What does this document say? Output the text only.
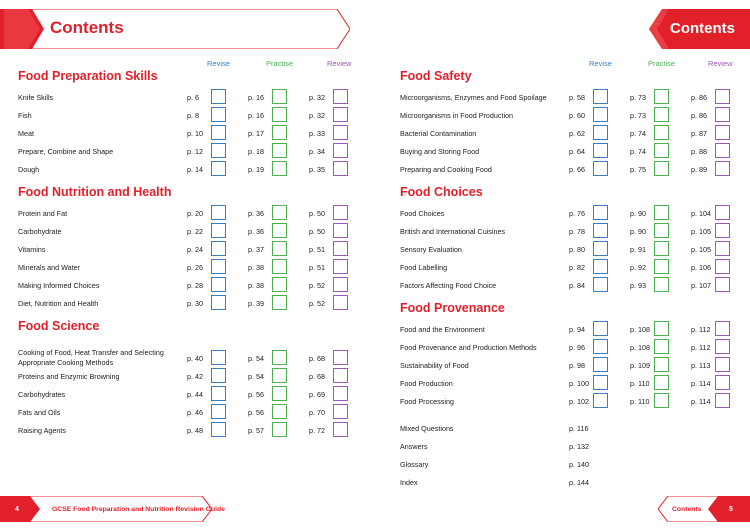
Contents
Revise	Practise	Review
Food Preparation Skills
Knife Skills	p. 6	p. 16	p. 32
Fish	p. 8	p. 16	p. 32
Meat	p. 10	p. 17	p. 33
Prepare, Combine and Shape	p. 12	p. 18	p. 34
Dough	p. 14	p. 19	p. 35
Food Nutrition and Health
Protein and Fat	p. 20	p. 36	p. 50
Carbohydrate	p. 22	p. 36	p. 50
Vitamins	p. 24	p. 37	p. 51
Minerals and Water	p. 26	p. 38	p. 51
Making Informed Choices	p. 28	p. 38	p. 52
Diet, Nutrition and Health	p. 30	p. 39	p. 52
Food Science
Cooking of Food, Heat Transfer and Selecting Appropriate Cooking Methods	p. 40	p. 54	p. 68
Proteins and Enzymic Browning	p. 42	p. 54	p. 68
Carbohydrates	p. 44	p. 56	p. 69
Fats and Oils	p. 46	p. 56	p. 70
Raising Agents	p. 48	p. 57	p. 72
4	GCSE Food Preparation and Nutrition Revision Guide
Contents
Revise	Practise	Review
Food Safety
Microorganisms, Enzymes and Food Spoilage	p. 58	p. 73	p. 86
Microorganisms in Food Production	p. 60	p. 73	p. 86
Bacterial Contamination	p. 62	p. 74	p. 87
Buying and Storing Food	p. 64	p. 74	p. 88
Preparing and Cooking Food	p. 66	p. 75	p. 89
Food Choices
Food Choices	p. 76	p. 90	p. 104
British and International Cuisines	p. 78	p. 90	p. 105
Sensory Evaluation	p. 80	p. 91	p. 105
Food Labelling	p. 82	p. 92	p. 106
Factors Affecting Food Choice	p. 84	p. 93	p. 107
Food Provenance
Food and the Environment	p. 94	p. 108	p. 112
Food Provenance and Production Methods	p. 96	p. 108	p. 112
Sustainability of Food	p. 98	p. 109	p. 113
Food Production	p. 100	p. 110	p. 114
Food Processing	p. 102	p. 110	p. 114
Mixed Questions	p. 116
Answers	p. 132
Glossary	p. 140
Index	p. 144
Contents	5
